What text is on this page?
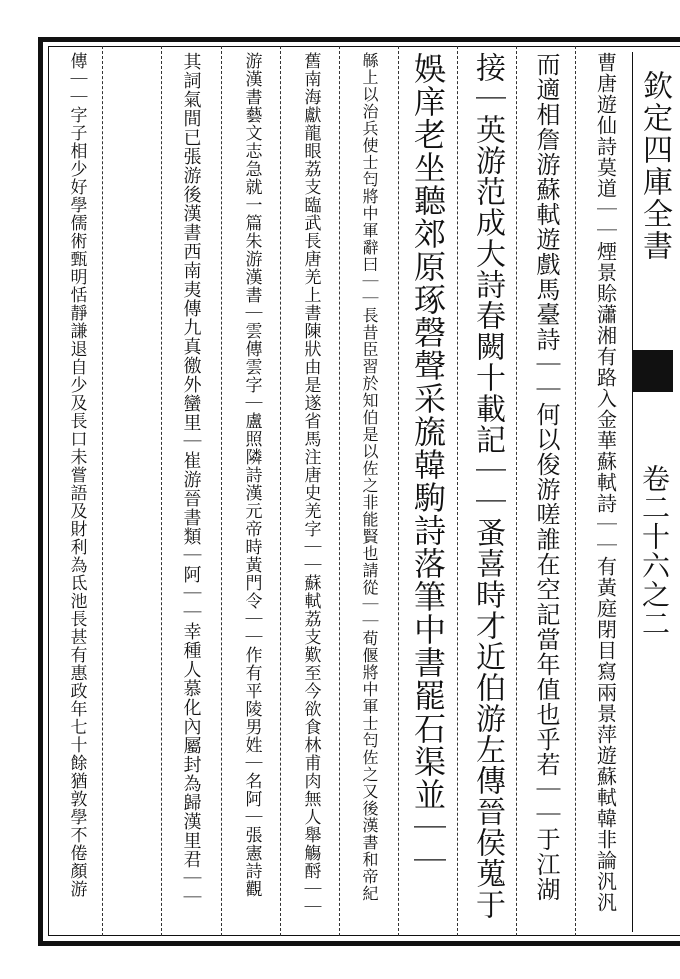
欽定四庫全書
卷二十六之二
曹唐遊仙詩莫道｜｜煙景賒瀟湘有路入金華蘇軾詩｜｜有黃庭閉目寫兩景萍遊蘇軾韓非論汎汎
而適相詹游蘇軾遊戲馬臺詩｜｜何以俊游嗟誰在空記當年值也乎若｜｜于江湖
接｜英游范成大詩春闕十載記｜｜蚤喜時才近伯游左傳晉侯蒐于
娛庠老坐聽郊原琢磬聲采旒韓駒詩落筆中書罷石渠並｜｜
緜上以治兵使士匄將中軍辭曰｜｜長昔臣習於知伯是以佐之非能賢也請從｜｜荀偃將中軍士匄佐之又後漢書和帝紀
舊南海獻龍眼荔支臨武長唐羌上書陳狀由是遂省馬注唐史羌字｜｜蘇軾荔支歎至今欲食林甫肉無人舉觴酹｜｜
游漢書藝文志急就一篇朱游漢書｜雲傳雲字｜盧照隣詩漢元帝時黃門令｜｜作有平陵男姓｜名阿｜張憲詩觀
其詞氣間已張游後漢書西南夷傳九真徼外蠻里｜崔游晉書類｜阿｜｜幸種人慕化內屬封為歸漢里君｜｜
傳｜｜字子相少好學儒術甄明恬靜謙退自少及長口未嘗語及財利為氐池長甚有惠政年七十餘猶敦學不倦顏游
